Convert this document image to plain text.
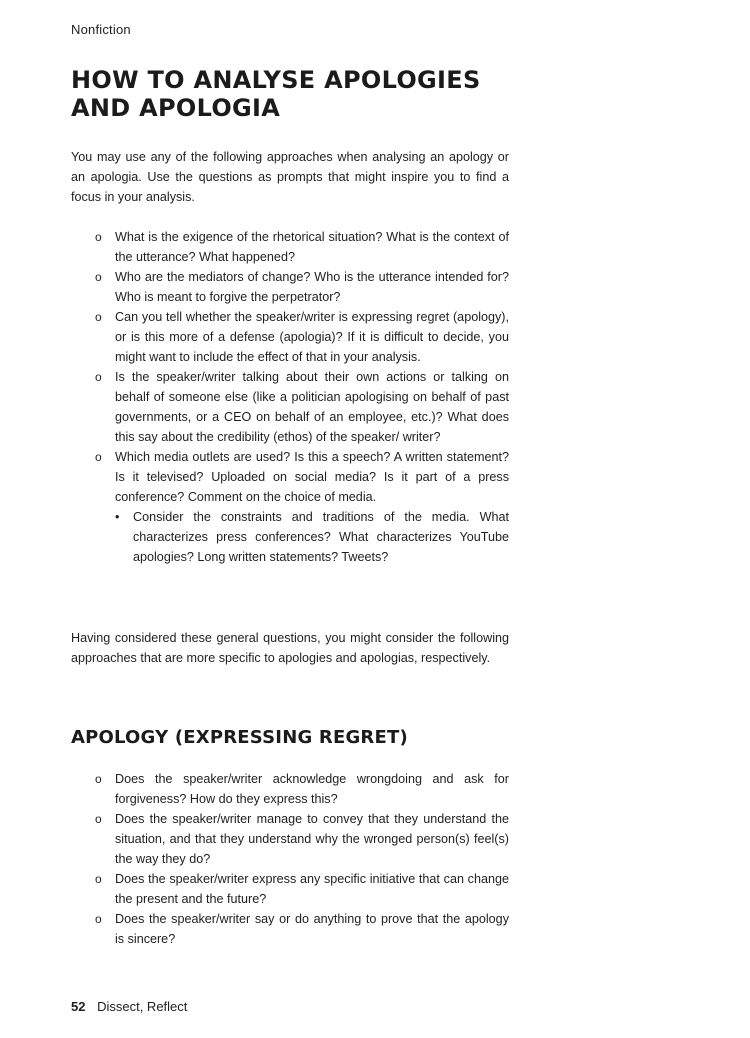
Nonfiction
HOW TO ANALYSE APOLOGIES AND APOLOGIA

You may use any of the following approaches when analysing an apology or an apologia. Use the questions as prompts that might inspire you to find a focus in your analysis.

o What is the exigence of the rhetorical situation? What is the context of the utterance? What happened?
o Who are the mediators of change? Who is the utterance intended for? Who is meant to forgive the perpetrator?
o Can you tell whether the speaker/writer is expressing regret (apology), or is this more of a defense (apologia)? If it is difficult to decide, you might want to include the effect of that in your analysis.
o Is the speaker/writer talking about their own actions or talking on behalf of someone else (like a politician apologising on behalf of past governments, or a CEO on behalf of an employee, etc.)? What does this say about the credibility (ethos) of the speaker/ writer?
o Which media outlets are used? Is this a speech? A written statement? Is it televised? Uploaded on social media? Is it part of a press conference? Comment on the choice of media.
• Consider the constraints and traditions of the media. What characterizes press conferences? What characterizes YouTube apologies? Long written statements? Tweets?

Having considered these general questions, you might consider the following approaches that are more specific to apologies and apologias, respectively.

APOLOGY (EXPRESSING REGRET)
o Does the speaker/writer acknowledge wrongdoing and ask for forgiveness? How do they express this?
o Does the speaker/writer manage to convey that they understand the situation, and that they understand why the wronged person(s) feel(s) the way they do?
o Does the speaker/writer express any specific initiative that can change the present and the future?
o Does the speaker/writer say or do anything to prove that the apology is sincere?
52 Dissect, Reflect
